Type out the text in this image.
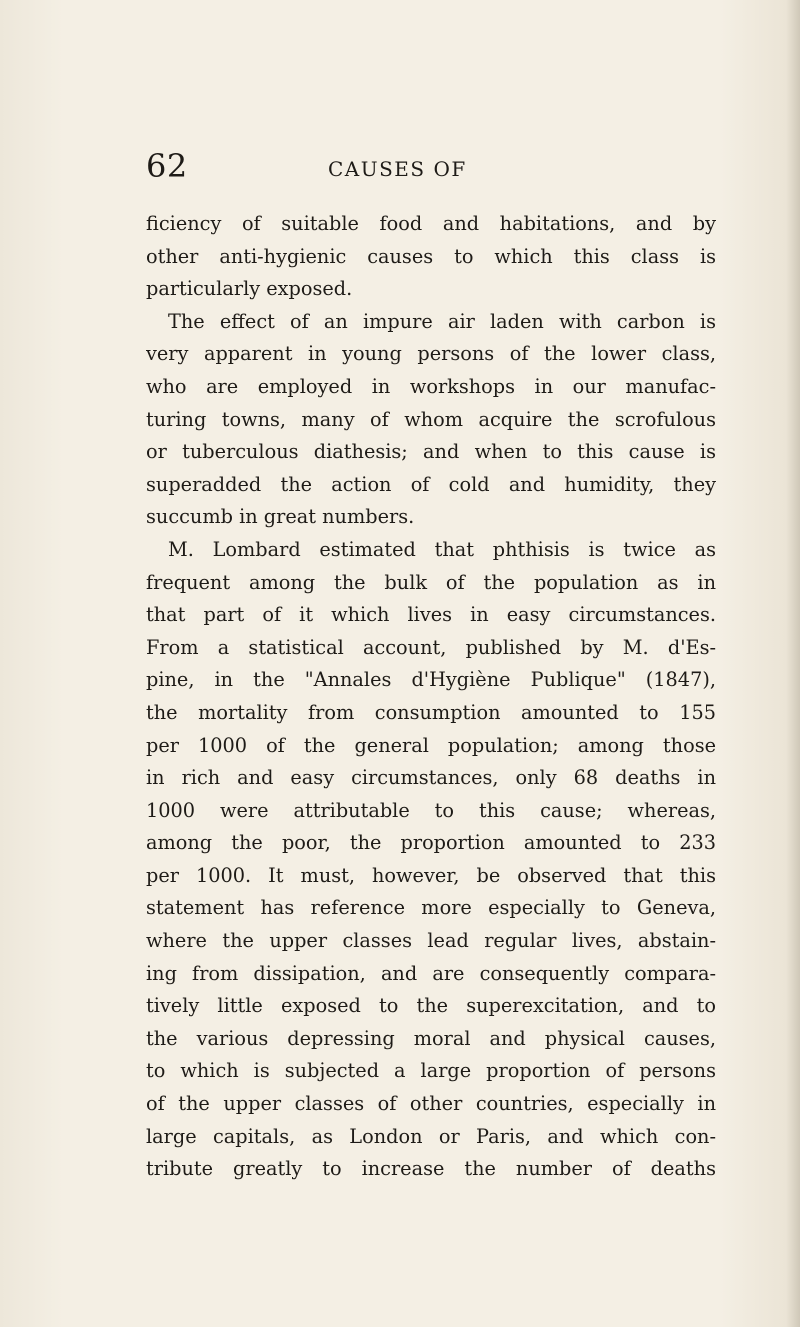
62	CAUSES OF
ficiency of suitable food and habitations, and by
other anti-hygienic causes to which this class is
particularly exposed.
The effect of an impure air laden with carbon is
very apparent in young persons of the lower class,
who are employed in workshops in our manufac-
turing towns, many of whom acquire the scrofulous
or tuberculous diathesis; and when to this cause is
superadded the action of cold and humidity, they
succumb in great numbers.
M. Lombard estimated that phthisis is twice as
frequent among the bulk of the population as in
that part of it which lives in easy circumstances.
From a statistical account, published by M. d'Es-
pine, in the "Annales d'Hygiène Publique" (1847),
the mortality from consumption amounted to 155
per 1000 of the general population; among those
in rich and easy circumstances, only 68 deaths in
1000 were attributable to this cause; whereas,
among the poor, the proportion amounted to 233
per 1000. It must, however, be observed that this
statement has reference more especially to Geneva,
where the upper classes lead regular lives, abstain-
ing from dissipation, and are consequently compara-
tively little exposed to the superexcitation, and to
the various depressing moral and physical causes,
to which is subjected a large proportion of persons
of the upper classes of other countries, especially in
large capitals, as London or Paris, and which con-
tribute greatly to increase the number of deaths
